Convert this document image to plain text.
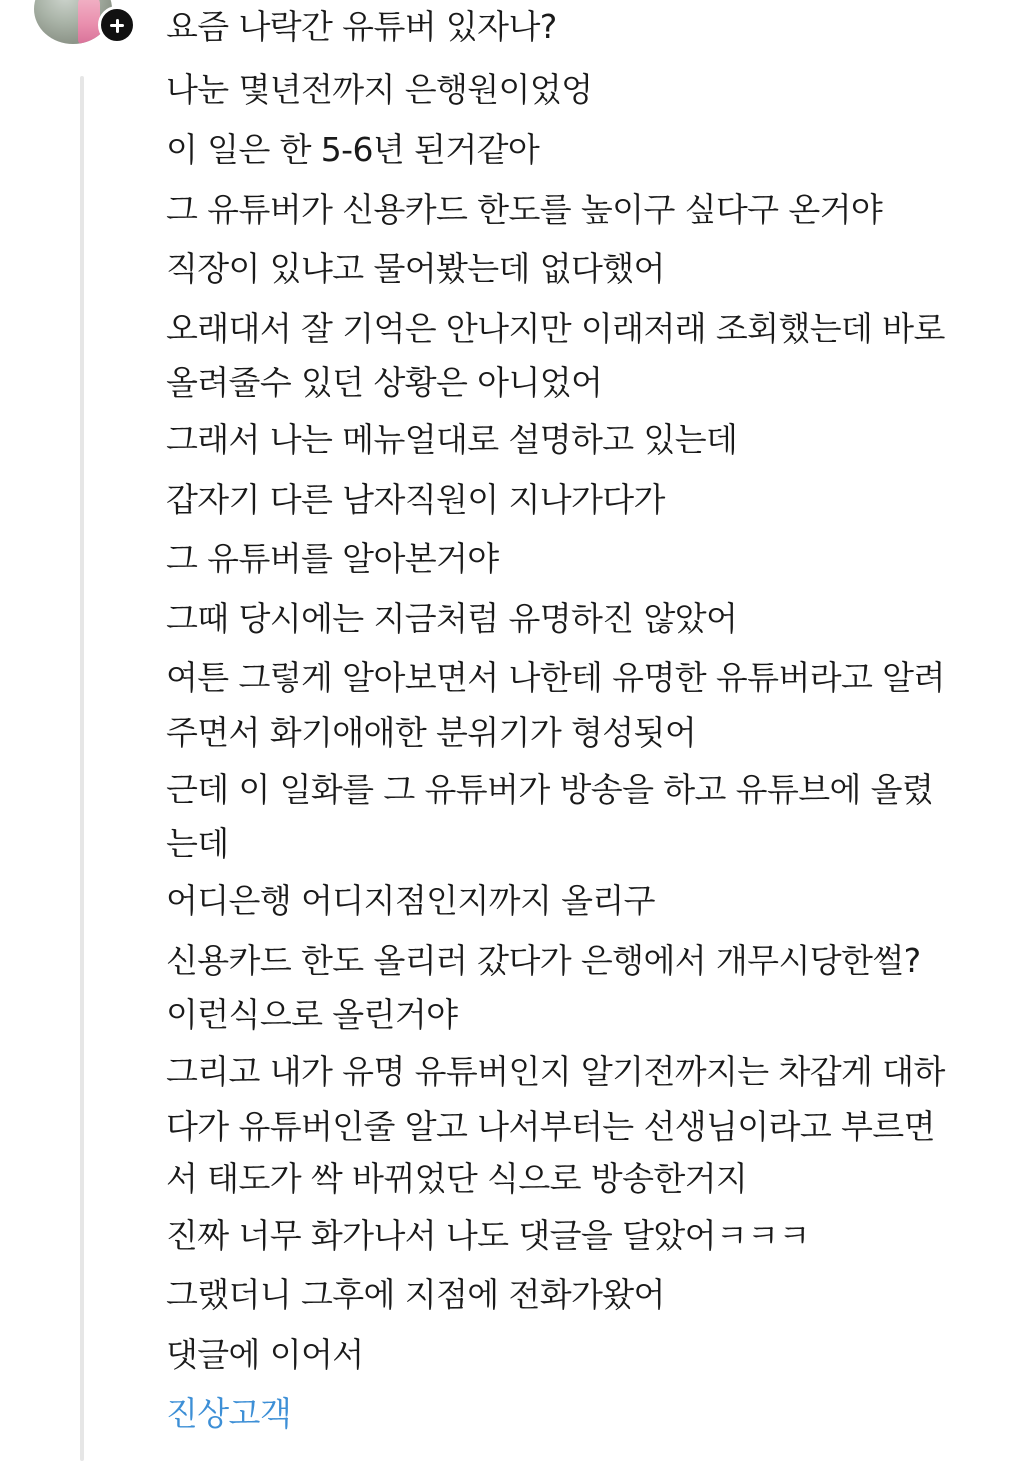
요즘 나락간 유튜버 있자나?
나눈 몇년전까지 은행원이었엉
이 일은 한 5-6년 된거같아
그 유튜버가 신용카드 한도를 높이구 싶다구 온거야
직장이 있냐고 물어봤는데 없다했어
오래대서 잘 기억은 안나지만 이래저래 조회했는데 바로
올려줄수 있던 상황은 아니었어
그래서 나는 메뉴얼대로 설명하고 있는데
갑자기 다른 남자직원이 지나가다가
그 유튜버를 알아본거야
그때 당시에는 지금처럼 유명하진 않았어
여튼 그렇게 알아보면서 나한테 유명한 유튜버라고 알려
주면서 화기애애한 분위기가 형성됫어
근데 이 일화를 그 유튜버가 방송을 하고 유튜브에 올렸
는데
어디은행 어디지점인지까지 올리구
신용카드 한도 올리러 갔다가 은행에서 개무시당한썰?
이런식으로 올린거야
그리고 내가 유명 유튜버인지 알기전까지는 차갑게 대하
다가 유튜버인줄 알고 나서부터는 선생님이라고 부르면
서 태도가 싹 바뀌었단 식으로 방송한거지
진짜 너무 화가나서 나도 댓글을 달았어ㅋㅋㅋ
그랬더니 그후에 지점에 전화가왔어
댓글에 이어서
진상고객
